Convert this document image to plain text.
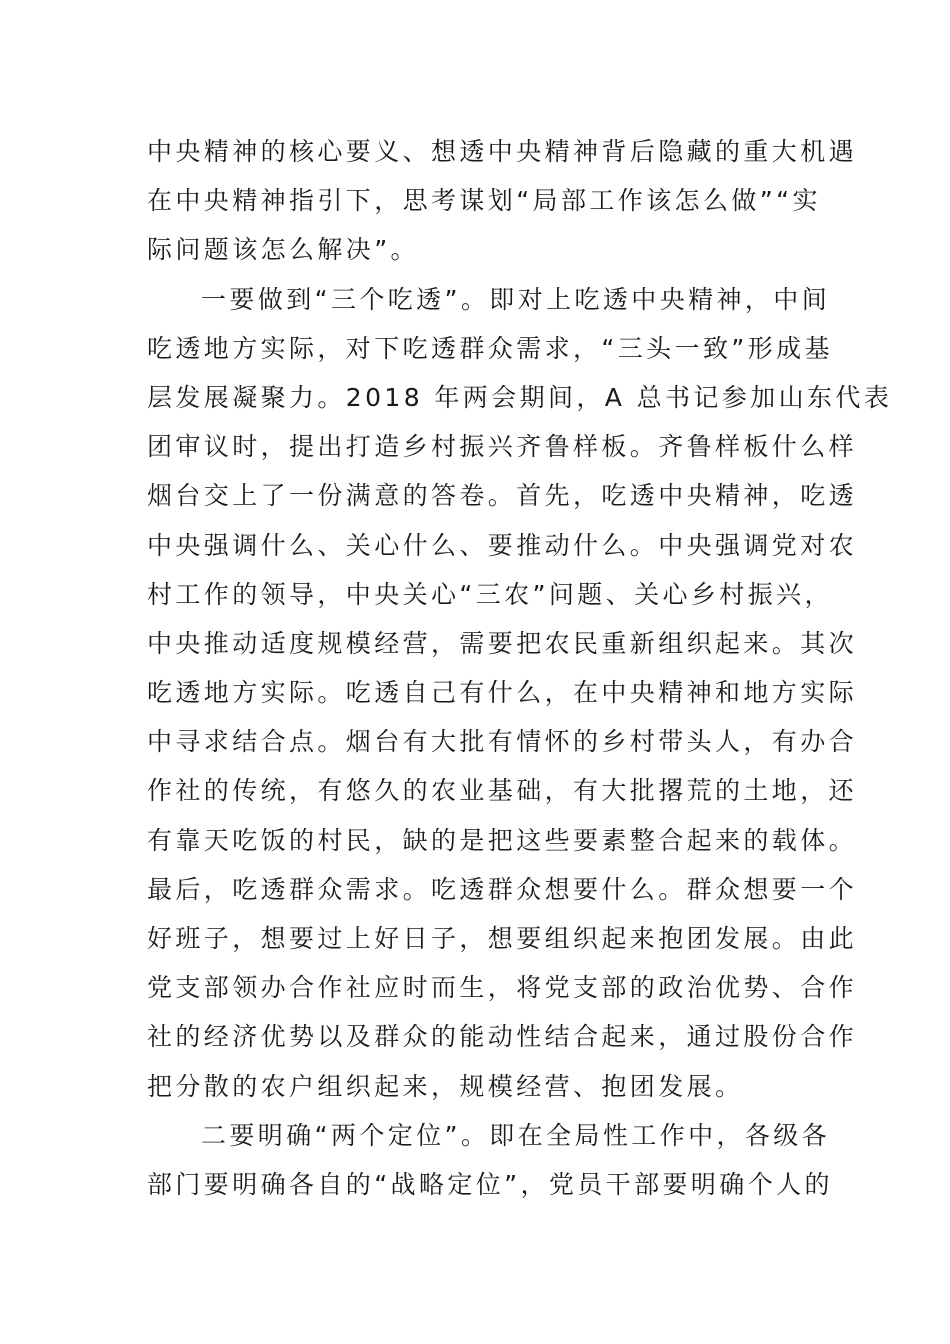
中央精神的核心要义、想透中央精神背后隐藏的重大机遇
在中央精神指引下，思考谋划“局部工作该怎么做”“实
际问题该怎么解决”。
一要做到“三个吃透”。即对上吃透中央精神，中间
吃透地方实际，对下吃透群众需求，“三头一致”形成基
层发展凝聚力。2018 年两会期间，A 总书记参加山东代表
团审议时，提出打造乡村振兴齐鲁样板。齐鲁样板什么样
烟台交上了一份满意的答卷。首先，吃透中央精神，吃透
中央强调什么、关心什么、要推动什么。中央强调党对农
村工作的领导，中央关心“三农”问题、关心乡村振兴，
中央推动适度规模经营，需要把农民重新组织起来。其次
吃透地方实际。吃透自己有什么，在中央精神和地方实际
中寻求结合点。烟台有大批有情怀的乡村带头人，有办合
作社的传统，有悠久的农业基础，有大批撂荒的土地，还
有靠天吃饭的村民，缺的是把这些要素整合起来的载体。
最后，吃透群众需求。吃透群众想要什么。群众想要一个
好班子，想要过上好日子，想要组织起来抱团发展。由此
党支部领办合作社应时而生，将党支部的政治优势、合作
社的经济优势以及群众的能动性结合起来，通过股份合作
把分散的农户组织起来，规模经营、抱团发展。
二要明确“两个定位”。即在全局性工作中，各级各
部门要明确各自的“战略定位”，党员干部要明确个人的
